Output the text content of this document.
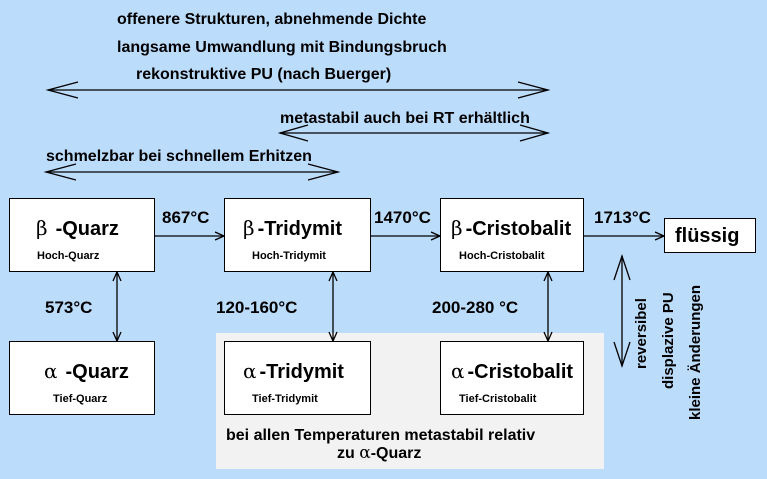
offenere Strukturen, abnehmende Dichte
langsame Umwandlung mit Bindungsbruch
rekonstruktive PU (nach Buerger)
metastabil auch bei RT erhältlich
schmelzbar bei schnellem Erhitzen
β -Quarz
Hoch-Quarz
β -Tridymit
Hoch-Tridymit
β -Cristobalit
Hoch-Cristobalit
flüssig
α -Quarz
Tief-Quarz
α -Tridymit
Tief-Tridymit
α -Cristobalit
Tief-Cristobalit
867°C	1470°C	1713°C
573°C	120-160°C	200-280 °C
bei allen Temperaturen metastabil relativ
zu α-Quarz
reversibel displazive PU kleine Änderungen
